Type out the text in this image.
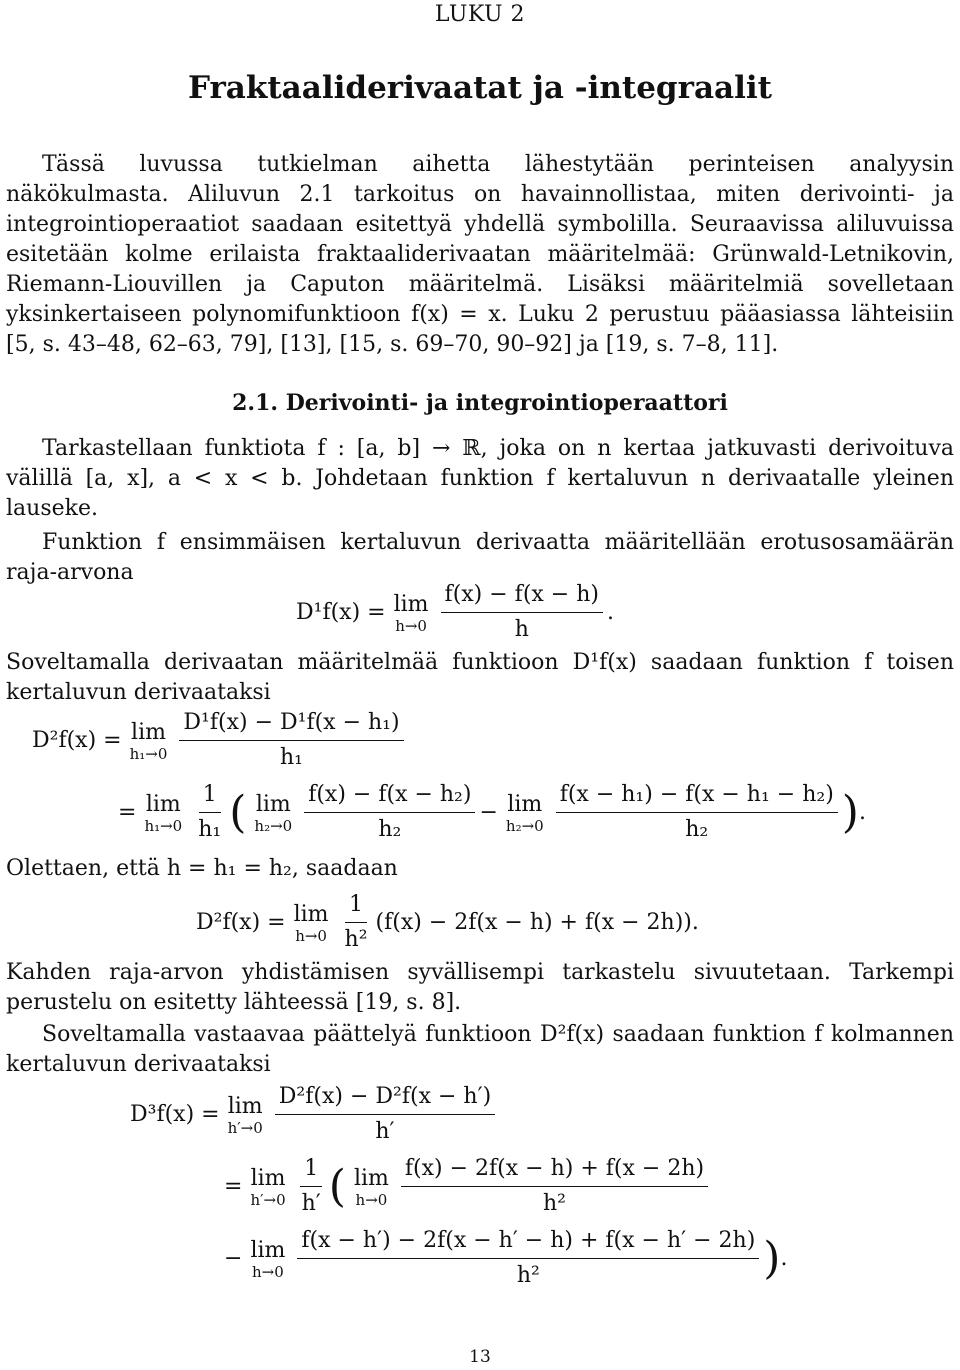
LUKU 2
Fraktaaliderivaatat ja -integraalit

Tässä luvussa tutkielman aihetta lähestytään perinteisen analyysin näkökulmasta. Aliluvun 2.1 tarkoitus on havainnollistaa, miten derivointi- ja integrointioperaatiot saadaan esitettyä yhdellä symbolilla. Seuraavissa aliluvuissa esitetään kolme erilaista fraktaaliderivaatan määritelmää: Grünwald-Letnikovin, Riemann-Liouvillen ja Caputon määritelmä. Lisäksi määritelmiä sovelletaan yksinkertaiseen polynomifunktioon f(x) = x. Luku 2 perustuu pääasiassa lähteisiin [5, s. 43–48, 62–63, 79], [13], [15, s. 69–70, 90–92] ja [19, s. 7–8, 11].

2.1. Derivointi- ja integrointioperaattori

Tarkastellaan funktiota f : [a, b] → ℝ, joka on n kertaa jatkuvasti derivoituva välillä [a, x], a < x < b. Johdetaan funktion f kertaluvun n derivaatalle yleinen lauseke.

Funktion f ensimmäisen kertaluvun derivaatta määritellään erotusosamäärän raja-arvona

D¹f(x) = lim
$h\to 0 \frac{f(x) - f(x - h)}{h}$ .

Soveltamalla derivaatan määritelmää funktioon D¹f(x) saadaan funktion f toisen kertaluvun derivaataksi

D²f(x) = lim
$h_1\to 0 \frac{\text{D¹f(x) − D¹f(x − h₁)}}{\text{h₁}}$
= lim
$h_1\to 0 \frac{1}{\text{h₁}}$ ( lim
$h_2\to 0 \frac{\text{f(x) − f(x − h₂)}}{\text{h₂}} - \lim$
$h_2\to 0 \frac{\text{f(x − h₁) − f(x − h₁ − h₂)}}{\text{h₂}}$ ) .

Olettaen, että h = h₁ = h₂, saadaan

D²f(x) = lim
$h\to 0 \frac{1}{\text{h²}} (f(x) - 2f(x - h) + f(x - 2h))$.

Kahden raja-arvon yhdistämisen syvällisempi tarkastelu sivuutetaan. Tarkempi perustelu on esitetty lähteessä [19, s. 8].

Soveltamalla vastaavaa päättelyä funktioon D²f(x) saadaan funktion f kolmannen kertaluvun derivaataksi

D³f(x) = lim
$h'\to 0 \frac{\text{D²f(x) − D²f(x − h′)}}{h'}$
= lim
$h'\to 0 \frac{1}{h'}$ ( lim
$h\to 0 \frac{f(x) - 2f(x - h) + f(x - 2h)}{\text{h²}}$
− lim
$h\to 0 \frac{f(x - h') - 2f(x - h' - h) + f(x - h' - 2h)}{\text{h²}}$ ) .
13
